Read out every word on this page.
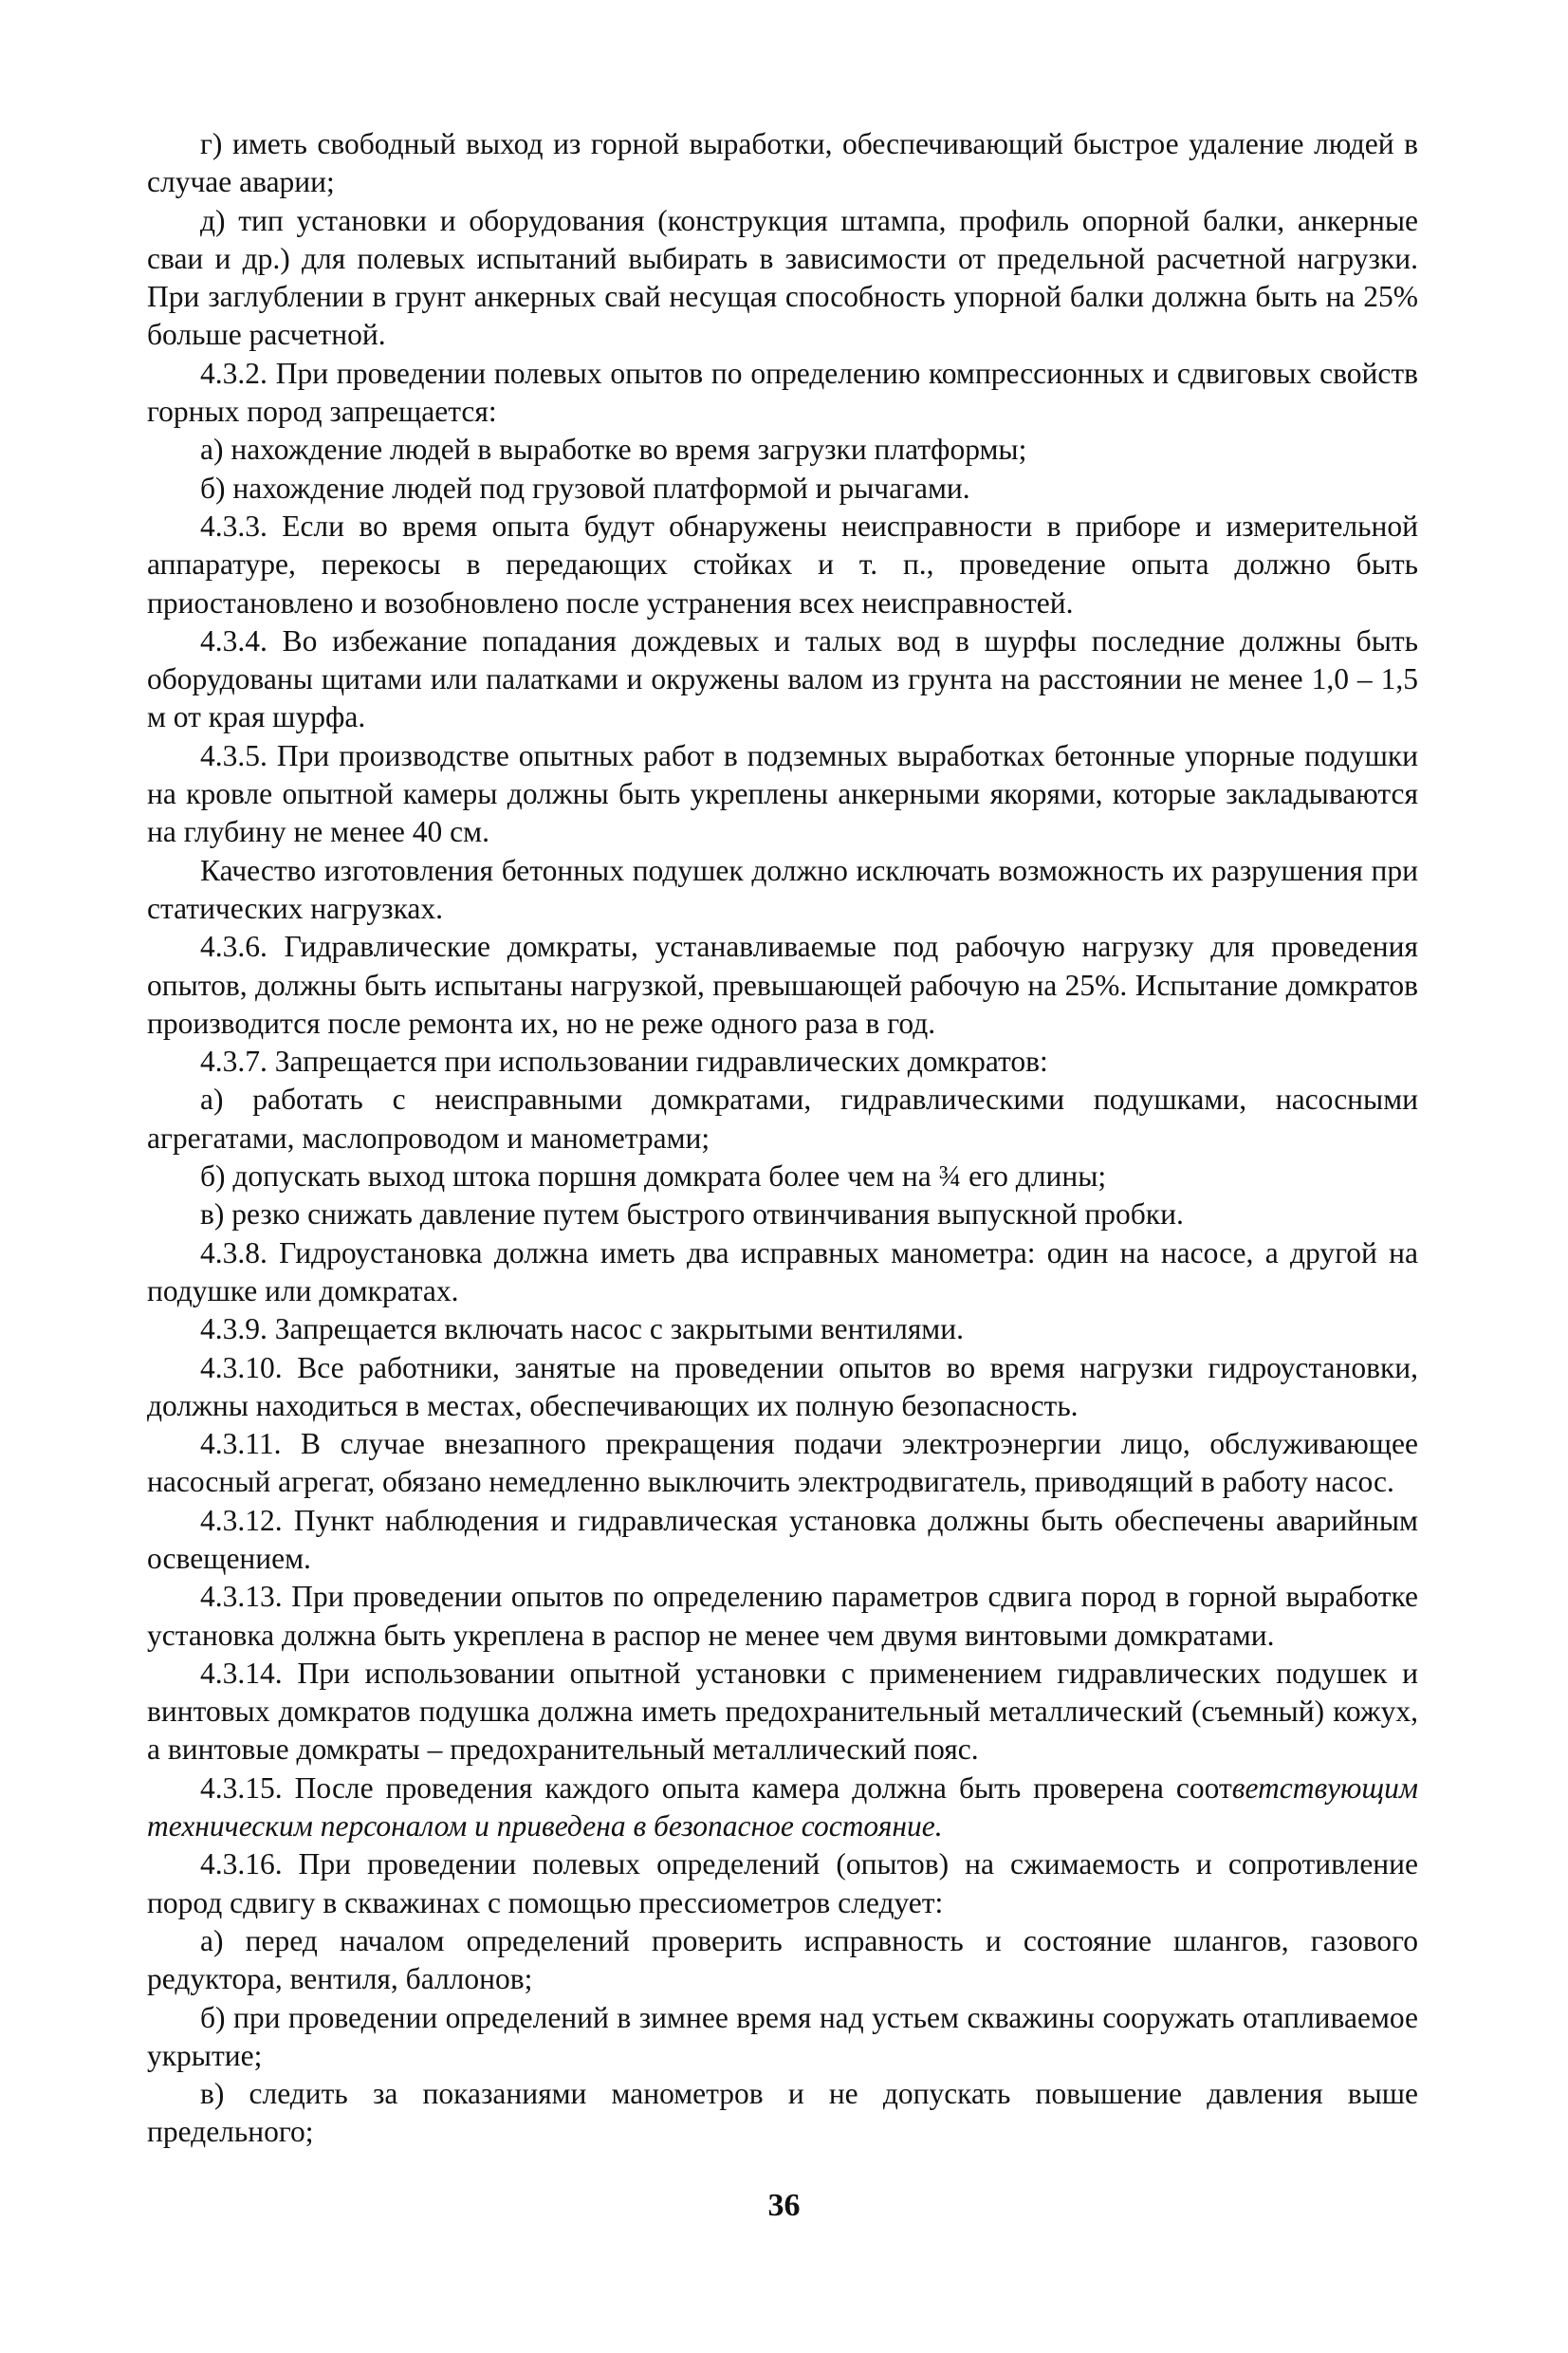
г) иметь свободный выход из горной выработки, обеспечивающий быстрое удаление людей в случае аварии;

д) тип установки и оборудования (конструкция штампа, профиль опорной балки, анкерные сваи и др.) для полевых испытаний выбирать в зависимости от предельной расчетной нагрузки. При заглублении в грунт анкерных свай несущая способность упорной балки должна быть на 25% больше расчетной.

4.3.2. При проведении полевых опытов по определению компрессионных и сдвиговых свойств горных пород запрещается:

а) нахождение людей в выработке во время загрузки платформы;

б) нахождение людей под грузовой платформой и рычагами.

4.3.3. Если во время опыта будут обнаружены неисправности в приборе и измерительной аппаратуре, перекосы в передающих стойках и т. п., проведение опыта должно быть приостановлено и возобновлено после устранения всех неисправностей.

4.3.4. Во избежание попадания дождевых и талых вод в шурфы последние должны быть оборудованы щитами или палатками и окружены валом из грунта на расстоянии не менее 1,0 – 1,5 м от края шурфа.

4.3.5. При производстве опытных работ в подземных выработках бетонные упорные подушки на кровле опытной камеры должны быть укреплены анкерными якорями, которые закладываются на глубину не менее 40 см.

Качество изготовления бетонных подушек должно исключать возможность их разрушения при статических нагрузках.

4.3.6. Гидравлические домкраты, устанавливаемые под рабочую нагрузку для проведения опытов, должны быть испытаны нагрузкой, превышающей рабочую на 25%. Испытание домкратов производится после ремонта их, но не реже одного раза в год.

4.3.7. Запрещается при использовании гидравлических домкратов:

а) работать с неисправными домкратами, гидравлическими подушками, насосными агрегатами, маслопроводом и манометрами;

б) допускать выход штока поршня домкрата более чем на ¾ его длины;

в) резко снижать давление путем быстрого отвинчивания выпускной пробки.

4.3.8. Гидроустановка должна иметь два исправных манометра: один на насосе, а другой на подушке или домкратах.

4.3.9. Запрещается включать насос с закрытыми вентилями.

4.3.10. Все работники, занятые на проведении опытов во время нагрузки гидроустановки, должны находиться в местах, обеспечивающих их полную безопасность.

4.3.11. В случае внезапного прекращения подачи электроэнергии лицо, обслуживающее насосный агрегат, обязано немедленно выключить электродвигатель, приводящий в работу насос.

4.3.12. Пункт наблюдения и гидравлическая установка должны быть обеспечены аварийным освещением.

4.3.13. При проведении опытов по определению параметров сдвига пород в горной выработке установка должна быть укреплена в распор не менее чем двумя винтовыми домкратами.

4.3.14. При использовании опытной установки с применением гидравлических подушек и винтовых домкратов подушка должна иметь предохранительный металлический (съемный) кожух, а винтовые домкраты – предохранительный металлический пояс.

4.3.15. После проведения каждого опыта камера должна быть проверена соответствующим техническим персоналом и приведена в безопасное состояние.

4.3.16. При проведении полевых определений (опытов) на сжимаемость и сопротивление пород сдвигу в скважинах с помощью прессиометров следует:

а) перед началом определений проверить исправность и состояние шлангов, газового редуктора, вентиля, баллонов;

б) при проведении определений в зимнее время над устьем скважины сооружать отапливаемое укрытие;

в) следить за показаниями манометров и не допускать повышение давления выше предельного;

36
